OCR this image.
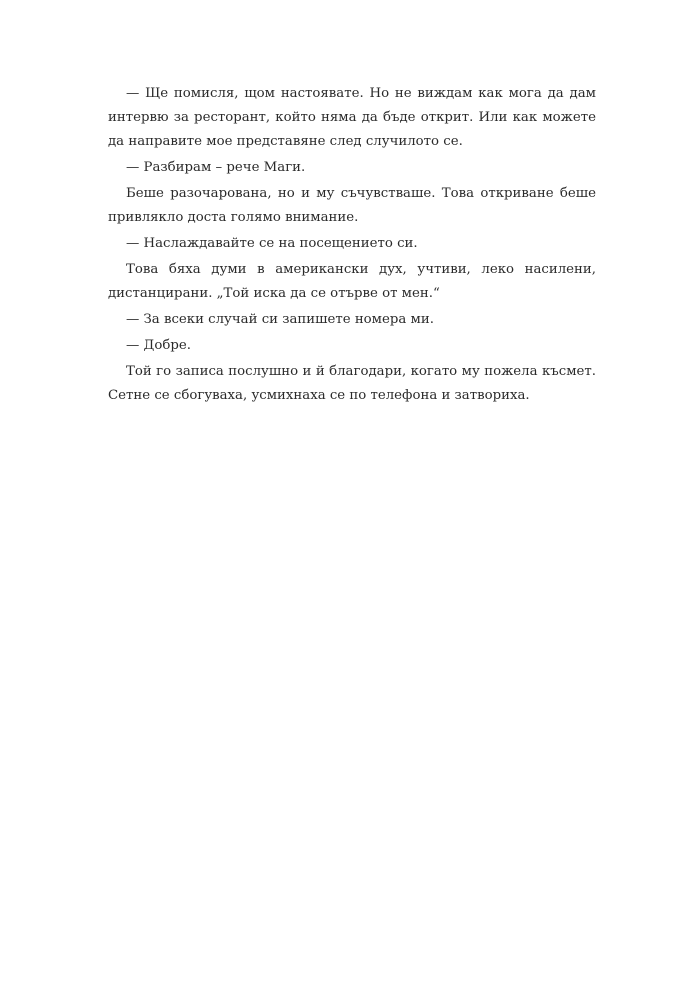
— Ще помисля, щом настоявате. Но не виждам как мога да дам интервю за ресторант, който няма да бъде открит. Или как можете да направите мое представяне след случилото се.

— Разбирам – рече Маги.

Беше разочарована, но и му съчувстваше. Това откриване беше привлякло доста голямо внимание.

— Наслаждавайте се на посещението си.

Това бяха думи в американски дух, учтиви, леко насилени, дистанцирани. „Той иска да се отърве от мен.“

— За всеки случай си запишете номера ми.

— Добре.

Той го записа послушно и й благодари, когато му пожела късмет. Сетне се сбогуваха, усмихнаха се по телефона и затвориха.
